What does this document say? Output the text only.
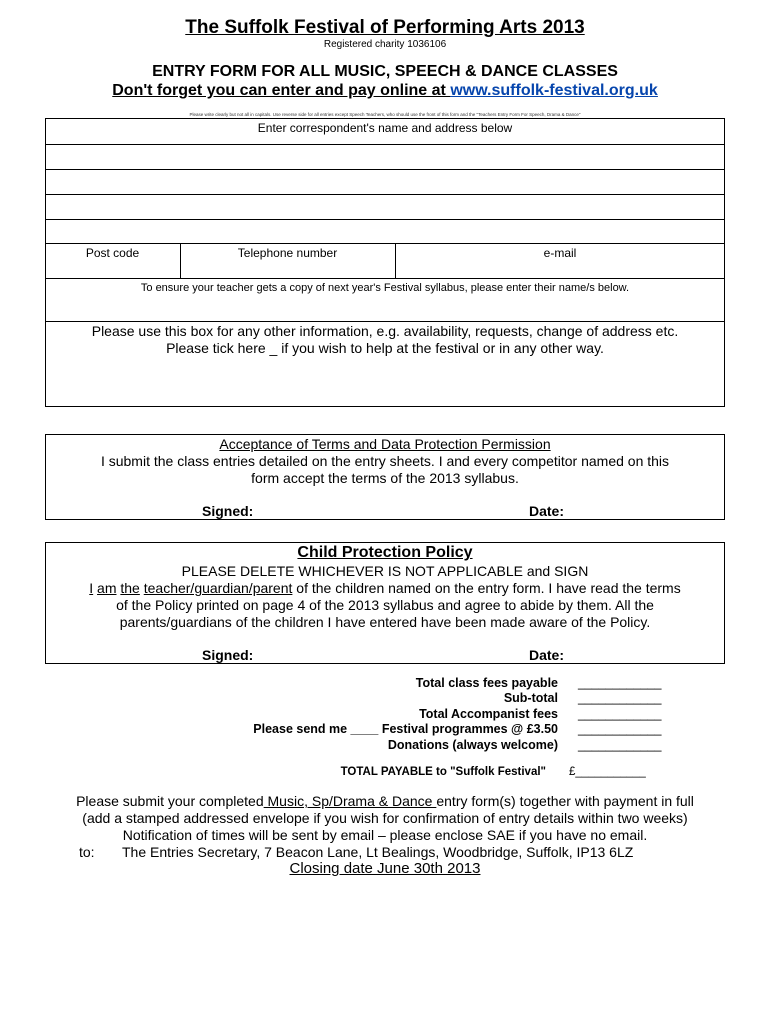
The Suffolk Festival of Performing Arts 2013
Registered charity 1036106
ENTRY FORM FOR ALL MUSIC, SPEECH & DANCE CLASSES
Don't forget you can enter and pay online at www.suffolk-festival.org.uk
Please write clearly but not all in capitals. Use reverse side for all entries except Speech Teachers, who should use the front of this form and the "Teachers Entry Form For Speech, Drama & Dance"
Enter correspondent's name and address below
Post code	Telephone number	e-mail
To ensure your teacher gets a copy of next year's Festival syllabus, please enter their name/s below.
Please use this box for any other information, e.g. availability, requests, change of address etc.
Please tick here _ if you wish to help at the festival or in any other way.
Acceptance of Terms and Data Protection Permission
I submit the class entries detailed on the entry sheets. I and every competitor named on this
form accept the terms of the 2013 syllabus.
Signed:	Date:
Child Protection Policy
PLEASE DELETE WHICHEVER IS NOT APPLICABLE and SIGN
I am the teacher/guardian/parent of the children named on the entry form. I have read the terms
of the Policy printed on page 4 of the 2013 syllabus and agree to abide by them. All the
parents/guardians of the children I have entered have been made aware of the Policy.
Signed:	Date:
Total class fees payable ____________
Sub-total ____________
Total Accompanist fees ____________
Please send me ____ Festival programmes @ £3.50 ____________
Donations (always welcome) ____________
TOTAL PAYABLE to "Suffolk Festival" £___________
Please submit your completed Music, Sp/Drama & Dance entry form(s) together with payment in full
(add a stamped addressed envelope if you wish for confirmation of entry details within two weeks)
Notification of times will be sent by email – please enclose SAE if you have no email.
to: The Entries Secretary, 7 Beacon Lane, Lt Bealings, Woodbridge, Suffolk, IP13 6LZ
Closing date June 30th 2013
